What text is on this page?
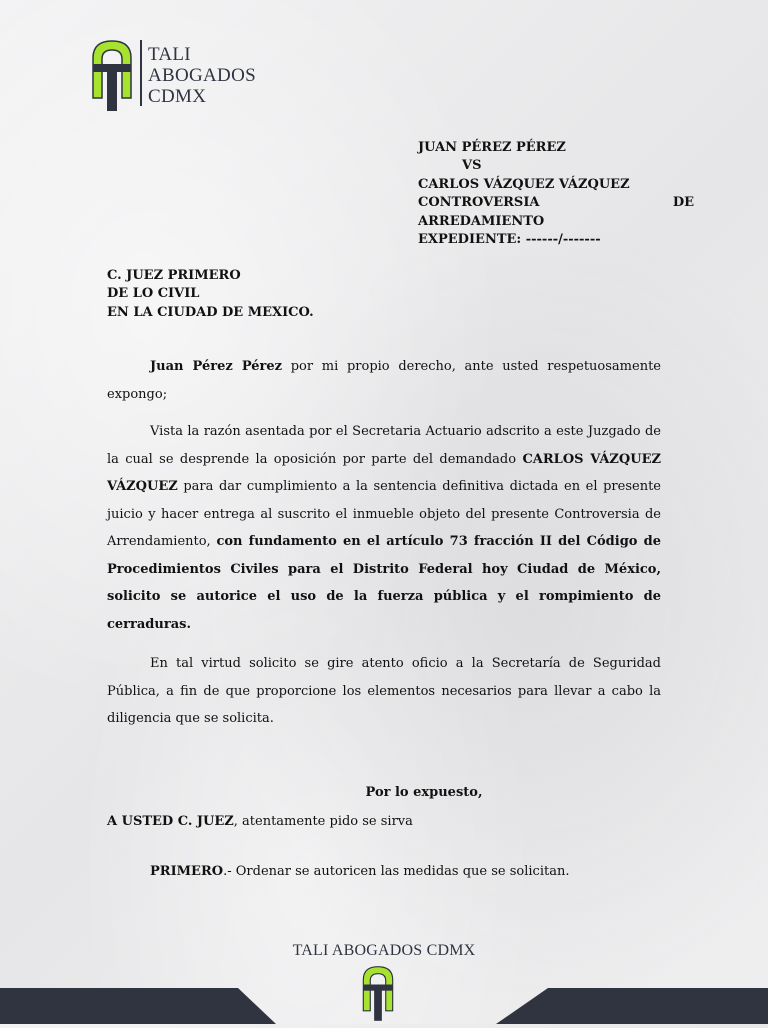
TALI
ABOGADOS
CDMX
JUAN PÉREZ PÉREZ
VS
CARLOS VÁZQUEZ VÁZQUEZ
CONTROVERSIA	DE
ARREDAMIENTO
EXPEDIENTE: ------/-------
C. JUEZ PRIMERO
DE LO CIVIL
EN LA CIUDAD DE MEXICO.

Juan Pérez Pérez por mi propio derecho, ante usted respetuosamente expongo;

Vista la razón asentada por el Secretaria Actuario adscrito a este Juzgado de la cual se desprende la oposición por parte del demandado CARLOS VÁZQUEZ VÁZQUEZ para dar cumplimiento a la sentencia definitiva dictada en el presente juicio y hacer entrega al suscrito el inmueble objeto del presente Controversia de Arrendamiento, con fundamento en el artículo 73 fracción II del Código de Procedimientos Civiles para el Distrito Federal hoy Ciudad de México, solicito se autorice el uso de la fuerza pública y el rompimiento de cerraduras.

En tal virtud solicito se gire atento oficio a la Secretaría de Seguridad Pública, a fin de que proporcione los elementos necesarios para llevar a cabo la diligencia que se solicita.

Por lo expuesto,
A USTED C. JUEZ, atentamente pido se sirva
PRIMERO.- Ordenar se autoricen las medidas que se solicitan.
TALI ABOGADOS CDMX
